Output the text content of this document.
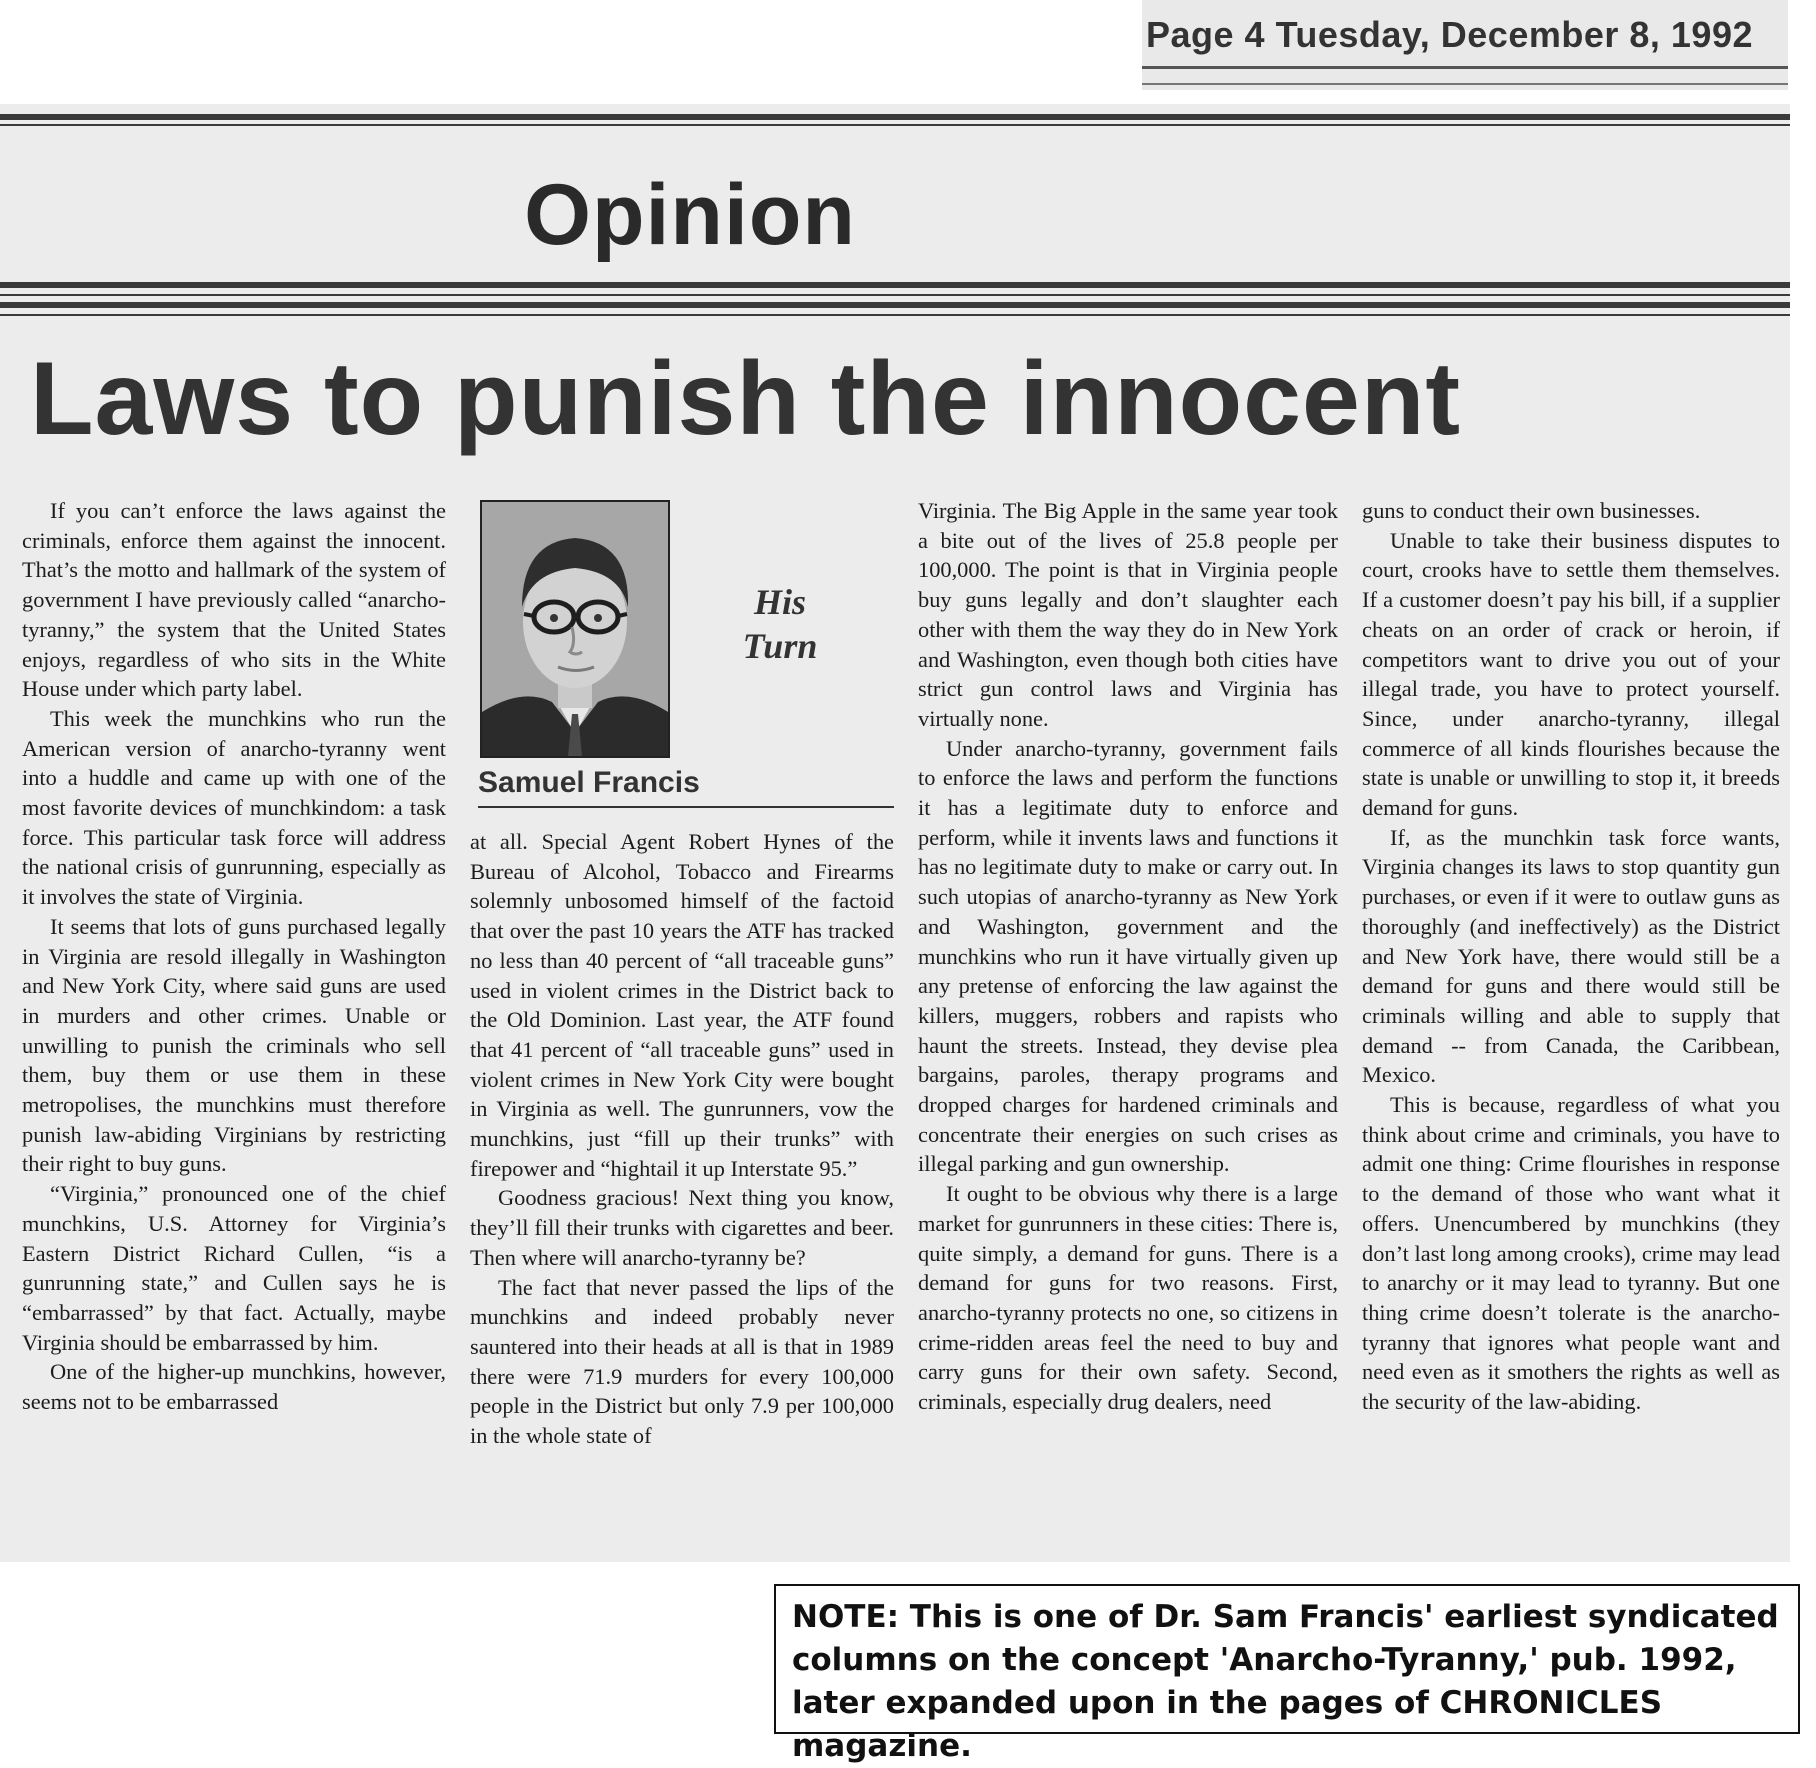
Page 4 Tuesday, December 8, 1992
Opinion
Laws to punish the innocent

If you can’t enforce the laws against the criminals, enforce them against the innocent. That’s the motto and hallmark of the system of government I have previously called “anarcho-tyranny,” the system that the United States enjoys, regardless of who sits in the White House under which party label.

This week the munchkins who run the American version of anarcho-tyranny went into a huddle and came up with one of the most favorite devices of munchkindom: a task force. This particular task force will address the national crisis of gunrunning, especially as it involves the state of Virginia.

It seems that lots of guns purchased legally in Virginia are resold illegally in Washington and New York City, where said guns are used in murders and other crimes. Unable or unwilling to punish the criminals who sell them, buy them or use them in these metropolises, the munchkins must therefore punish law-abiding Virginians by restricting their right to buy guns.

“Virginia,” pronounced one of the chief munchkins, U.S. Attorney for Virginia’s Eastern District Richard Cullen, “is a gunrunning state,” and Cullen says he is “embarrassed” by that fact. Actually, maybe Virginia should be embarrassed by him.

One of the higher-up munchkins, however, seems not to be embarrassed

His Turn
Samuel Francis

at all. Special Agent Robert Hynes of the Bureau of Alcohol, Tobacco and Firearms solemnly unbosomed himself of the factoid that over the past 10 years the ATF has tracked no less than 40 percent of “all traceable guns” used in violent crimes in the District back to the Old Dominion. Last year, the ATF found that 41 percent of “all traceable guns” used in violent crimes in New York City were bought in Virginia as well. The gunrunners, vow the munchkins, just “fill up their trunks” with firepower and “hightail it up Interstate 95.”

Goodness gracious! Next thing you know, they’ll fill their trunks with cigarettes and beer. Then where will anarcho-tyranny be?

The fact that never passed the lips of the munchkins and indeed probably never sauntered into their heads at all is that in 1989 there were 71.9 murders for every 100,000 people in the District but only 7.9 per 100,000 in the whole state of

Virginia. The Big Apple in the same year took a bite out of the lives of 25.8 people per 100,000. The point is that in Virginia people buy guns legally and don’t slaughter each other with them the way they do in New York and Washington, even though both cities have strict gun control laws and Virginia has virtually none.

Under anarcho-tyranny, government fails to enforce the laws and perform the functions it has a legitimate duty to enforce and perform, while it invents laws and functions it has no legitimate duty to make or carry out. In such utopias of anarcho-tyranny as New York and Washington, government and the munchkins who run it have virtually given up any pretense of enforcing the law against the killers, muggers, robbers and rapists who haunt the streets. Instead, they devise plea bargains, paroles, therapy programs and dropped charges for hardened criminals and concentrate their energies on such crises as illegal parking and gun ownership.

It ought to be obvious why there is a large market for gunrunners in these cities: There is, quite simply, a demand for guns. There is a demand for guns for two reasons. First, anarcho-tyranny protects no one, so citizens in crime-ridden areas feel the need to buy and carry guns for their own safety. Second, criminals, especially drug dealers, need

guns to conduct their own businesses.

Unable to take their business disputes to court, crooks have to settle them themselves. If a customer doesn’t pay his bill, if a supplier cheats on an order of crack or heroin, if competitors want to drive you out of your illegal trade, you have to protect yourself. Since, under anarcho-tyranny, illegal commerce of all kinds flourishes because the state is unable or unwilling to stop it, it breeds demand for guns.

If, as the munchkin task force wants, Virginia changes its laws to stop quantity gun purchases, or even if it were to outlaw guns as thoroughly (and ineffectively) as the District and New York have, there would still be a demand for guns and there would still be criminals willing and able to supply that demand -- from Canada, the Caribbean, Mexico.

This is because, regardless of what you think about crime and criminals, you have to admit one thing: Crime flourishes in response to the demand of those who want what it offers. Unencumbered by munchkins (they don’t last long among crooks), crime may lead to anarchy or it may lead to tyranny. But one thing crime doesn’t tolerate is the anarcho-tyranny that ignores what people want and need even as it smothers the rights as well as the security of the law-abiding.

NOTE: This is one of Dr. Sam Francis' earliest syndicated columns on the concept 'Anarcho-Tyranny,' pub. 1992, later expanded upon in the pages of CHRONICLES magazine.
